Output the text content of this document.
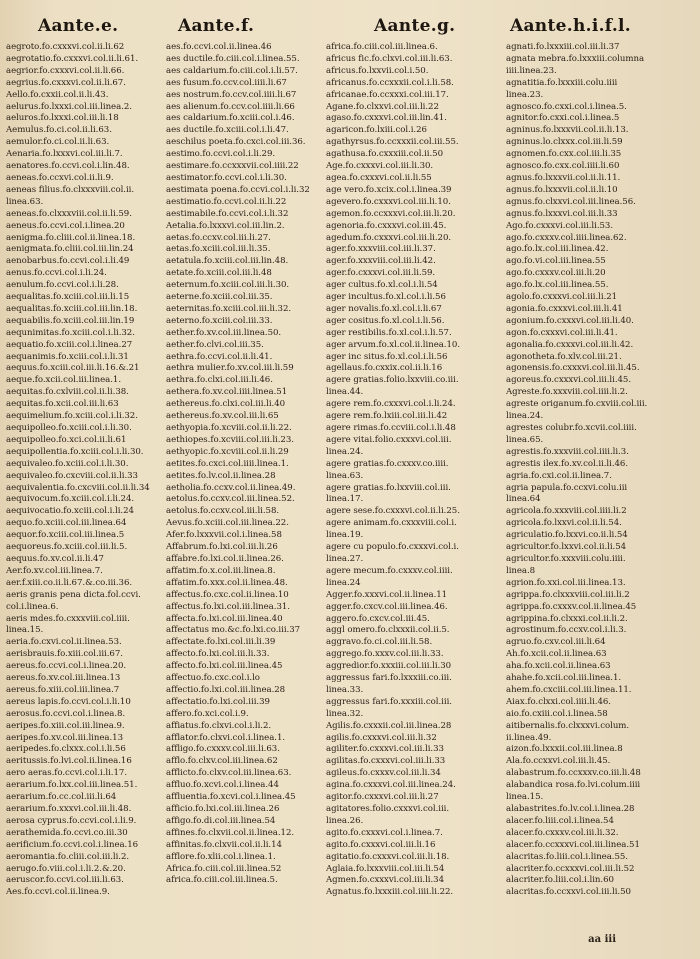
Aante.e.	Aante.f.	Aante.g.	Aante.h.i.f.l.
aegroto.fo.cxxxvi.col.ii.li.62
aegrotatio.fo.cxxxvi.col.ii.li.61.
aegrior.fo.cxxxvi.col.ii.li.66.
aegrius.fo.cxxxvi.col.ii.li.67.
Aello.fo.cxxii.col.ii.li.43.
aelurus.fo.lxxxi.col.iii.linea.2.
aeluros.fo.lxxxi.col.iii.li.18
Aemulus.fo.ci.col.ii.li.63.
aemulor.fo.ci.col.ii.li.63.
Aenaria.fo.lxxxvi.col.iii.li.7.
aenatores.fo.ccvi.col.i.lin.48.
aeneas.fo.ccxvi.col.ii.li.9.
aeneas filius.fo.clxxxviii.col.ii.
linea.63.
aeneas.fo.clxxxviii.col.ii.li.59.
aeneus.fo.ccvi.col.i.linea.20
aenigma.fo.cliii.col.ii.linea.18.
aenigmata.fo.cliii.col.iii.lin.24
aenobarbus.fo.ccvi.col.i.li.49
aenus.fo.ccvi.col.i.li.24.
aenulum.fo.ccvi.col.i.li.28.
aequalitas.fo.xciii.col.iii.li.15
aequalitas.fo.xciii.col.iii.lin.18.
aequabilis.fo.xciii.col.iii.lin.19
aequnimitas.fo.xciii.col.i.li.32.
aequatio.fo.xciii.col.i.linea.27
aequanimis.fo.xciii.col.i.li.31
aequus.fo.xciii.col.iii.li.16.&.21
aeque.fo.xcii.col.iii.linea.1.
aequitas.fo.cxlviii.col.ii.li.38.
aequitas.fo.xcii.col.iii.li.63
aequimelium.fo.xciii.col.i.li.32.
aequipolleo.fo.xciii.col.i.li.30.
aequipolleo.fo.xci.col.ii.li.61
aequipollentia.fo.xciii.col.i.li.30.
aequivaleo.fo.xciii.col.i.li.30.
aequivaleo.fo.cxcviii.col.ii.li.33
aequivalentia.fo.cxcviii.col.ii.li.34
aequivocum.fo.xciii.col.i.li.24.
aequivocatio.fo.xciii.col.i.li.24
aequo.fo.xciii.col.iii.linea.64
aequor.fo.xciii.col.iii.linea.5
aequoreus.fo.xciii.col.iii.li.5.
aequus.fo.xv.col.ii.li.47
Aer.fo.xv.col.iii.linea.7.
aer.f.xiii.co.ii.li.67.&.co.iii.36.
aeris granis pena dicta.fol.ccvi.
col.i.linea.6.
aeris mdes.fo.cxxxviii.col.iiii.
linea.15.
aeria.fo.cxvi.col.ii.linea.53.
aerisbrauis.fo.xiii.col.iii.67.
aereus.fo.ccvi.col.i.linea.20.
aereus.fo.xv.col.iii.linea.13
aereus.fo.xiii.col.iii.linea.7
aereus lapis.fo.ccvi.col.i.li.10
aerosus.fo.ccvi.col.i.linea.8.
aeripes.fo.xiii.col.iii.linea.9.
aeripes.fo.xv.col.iii.linea.13
aeripedes.fo.clxxx.col.i.li.56
aeritussis.fo.lvi.col.ii.linea.16
aero aeras.fo.ccvi.col.i.li.17.
aerarium.fo.lxx.col.iii.linea.51.
aerarium.fo.cc.col.iii.li.64
aerarium.fo.xxxvi.col.iii.li.48.
aerosa cyprus.fo.ccvi.col.i.li.9.
aerathemida.fo.ccvi.co.iii.30
aerificium.fo.ccvi.col.i.linea.16
aeromantia.fo.cliii.col.iii.li.2.
aerugo.fo.viii.col.i.li.2.&.20.
aeruscor.fo.ccvi.col.iii.li.63.
Aes.fo.ccvi.col.ii.linea.9.
aes.fo.ccvi.col.ii.linea.46
aes ductile.fo.ciii.col.i.linea.55.
aes caldarium.fo.ciii.col.i.li.57.
aes fusum.fo.ccv.col.iiii.li.67
aes nostrum.fo.ccv.col.iiii.li.67
aes alienum.fo.ccv.col.iiii.li.66
aes caldarium.fo.xciii.col.i.46.
aes ductile.fo.xciii.col.i.li.47.
aeschilus poeta.fo.cxci.col.iii.36.
aestimo.fo.ccvi.col.i.li.29.
aestimare.fo.ccxxxvii.col.iiii.22
aestimator.fo.ccvi.col.i.li.30.
aestimata poena.fo.ccvi.col.i.li.32
aestimatio.fo.ccvi.col.ii.li.22
aestimabile.fo.ccvi.col.i.li.32
Aetalia.fo.lxxxvi.col.iii.lin.2.
aetas.fo.ccxv.col.iii.li.27.
aetas.fo.xciii.col.iii.li.35.
aetatula.fo.xciii.col.iii.lin.48.
aetate.fo.xciii.col.iii.li.48
aeternum.fo.xciii.col.iii.li.30.
aeterne.fo.xciii.col.iii.35.
aeternitas.fo.xciii.col.iii.li.32.
aeterno.fo.xciii.col.iii.33.
aether.fo.xv.col.iii.linea.50.
aether.fo.clvi.col.iii.35.
aethra.fo.ccvi.col.ii.li.41.
aethra mulier.fo.xv.col.iii.li.59
aethra.fo.clxi.col.iii.li.46.
aethera.fo.xv.col.iiii.linea.51
aethereus.fo.clxi.col.iii.li.40
aethereus.fo.xv.col.iii.li.65
aethyopia.fo.xcviii.col.ii.li.22.
aethiopes.fo.xcviii.col.iii.li.23.
aethyopic.fo.xcviii.col.ii.li.29
aetites.fo.cxci.col.iiii.linea.1.
aetites.fo.lv.col.ii.linea.28
aetholia.fo.ccxv.col.ii.linea.49.
aetolus.fo.ccxv.col.iii.linea.52.
aetolus.fo.ccxv.col.iii.li.58.
Aevus.fo.xciii.col.iii.linea.22.
Afer.fo.lxxxvii.col.i.linea.58
Affabrum.fo.lxi.col.iii.li.26
affabre.fo.lxi.col.ii.linea.26.
affatim.fo.x.col.iii.linea.8.
affatim.fo.xxx.col.ii.linea.48.
affectus.fo.cxc.col.ii.linea.10
affectus.fo.lxi.col.iii.linea.31.
affecta.fo.lxi.col.iii.linea.40
affectatus mo.&c.fo.lxi.co.iii.37
affectate.fo.lxi.col.iii.li.39
affecto.fo.lxi.col.iii.li.33.
affecto.fo.lxi.col.iii.linea.45
affectuo.fo.cxc.col.i.lo
affectio.fo.lxi.col.iii.linea.28
affectatio.fo.lxi.col.iii.39
affero.fo.xci.col.i.9.
affiatus.fo.clxvi.col.i.li.2.
afflator.fo.clxvi.col.i.linea.1.
affligo.fo.cxxxv.col.iii.li.63.
afflo.fo.clxv.col.iii.linea.62
afflicto.fo.clxv.col.iii.linea.63.
affluo.fo.xcvi.col.i.linea.44
affluentia.fo.xcvi.col.i.linea.45
afficio.fo.lxi.col.iii.linea.26
affigo.fo.di.col.iii.linea.54
affines.fo.clxvii.col.ii.linea.12.
affinitas.fo.clxvii.col.ii.li.14
afflore.fo.xlii.col.i.linea.1.
Africa.fo.ciii.col.iii.linea.52
africa.fo.ciii.col.iii.linea.5.
africa.fo.ciii.col.iii.linea.6.
africus fic.fo.clxvi.col.iii.li.63.
africus.fo.lxxvii.col.i.50.
africanus.fo.ccxxxii.col.i.li.58.
africanae.fo.ccxxxi.col.iii.17.
Agane.fo.clxxvi.col.iii.li.22
agaso.fo.cxxxvi.col.iii.lin.41.
agaricon.fo.lxiii.col.i.26
agathyrsus.fo.ccxxxii.col.iii.55.
agathusa.fo.cxxxiii.col.ii.50
Age.fo.cxxxvi.col.iii.li.30.
agea.fo.cxxxvi.col.ii.li.55
age vero.fo.xcix.col.i.linea.39
agevero.fo.cxxxvi.col.iii.li.10.
agemon.fo.ccxxxvi.col.iii.li.20.
agenoria.fo.cxxxvi.col.iii.45.
agedum.fo.cxxxvi.col.iii.li.20.
ager.fo.xxxviii.col.iii.li.37.
ager.fo.xxxviii.col.iii.li.42.
ager.fo.cxxxvi.col.iii.li.59.
ager cultus.fo.xl.col.i.li.54
ager incultus.fo.xl.col.i.li.56
ager novalis.fo.xl.col.i.li.67
ager cositus.fo.xl.col.i.li.56.
ager restibilis.fo.xl.col.i.li.57.
ager arvum.fo.xl.col.ii.linea.10.
ager inc situs.fo.xl.col.i.li.56
agellaus.fo.cxxix.col.ii.li.16
agere gratias.folio.lxxviii.co.iii.
linea.44.
agere rem.fo.cxxxvi.col.i.li.24.
agere rem.fo.lxiii.col.iii.li.42
agere rimas.fo.ccviii.col.i.li.48
agere vitai.folio.cxxxvi.col.iii.
linea.24.
agere gratias.fo.cxxxv.co.iiii.
linea.63.
agere gratias.fo.lxxviii.col.iii.
linea.17.
agere sese.fo.cxxxvi.col.ii.li.25.
agere animam.fo.cxxxviii.col.i.
linea.19.
agere cu populo.fo.cxxxvi.col.i.
linea.27.
agere mecum.fo.cxxxv.col.iiii.
linea.24
Agger.fo.xxxvi.col.ii.linea.11
agger.fo.cxcv.col.iii.linea.46.
aggero.fo.cxcv.col.iii.45.
aggl omero.fo.clxxxii.col.ii.5.
aggravo.fo.ci.col.iii.li.58.
aggrego.fo.xxxv.col.iii.li.33.
aggredior.fo.xxxiii.col.iii.li.30
aggressus fari.fo.lxxxiii.co.iii.
linea.33.
aggressus fari.fo.xxxiii.col.iii.
linea.32.
Agilis.fo.cxxxii.col.iii.linea.28
agilis.fo.cxxxvi.col.iii.li.32
agiliter.fo.cxxxvi.col.iii.li.33
agilitas.fo.cxxxvi.col.iii.li.33
agileus.fo.cxxxv.col.iii.li.34
agina.fo.cxxxvi.col.iii.linea.24.
agitor.fo.cxxxvi.col.iii.li.27
agitatores.folio.cxxxvi.col.iii.
linea.26.
agito.fo.cxxxvi.col.i.linea.7.
agito.fo.cxxxvi.col.iii.li.16
agitatio.fo.cxxxvi.col.iii.li.18.
Aglaia.fo.lxxxviii.col.iii.li.54
Agmen.fo.cxxxvi.col.iii.li.34
Agnatus.fo.lxxxiii.col.iiii.li.22.
agnati.fo.lxxxiii.col.iii.li.37
agnata mebra.fo.lxxxiii.columna
iiii.linea.23.
agnatitia.fo.lxxxiii.colu.iiii
linea.23.
agnosco.fo.cxxi.col.i.linea.5.
agnitor.fo.cxxi.col.i.linea.5
agninus.fo.lxxxvii.col.ii.li.13.
agninus.lo.clxxx.col.iii.li.59
agnomen.fo.cxx.col.iii.li.35
agnosco.fo.cxx.col.iiii.li.60
agnus.fo.lxxxvii.col.ii.li.11.
agnus.fo.lxxxvii.col.ii.li.10
agnus.fo.clxxvi.col.iii.linea.56.
agnus.fo.lxxxvi.col.iii.li.33
Ago.fo.cxxxvi.col.iii.li.53.
ago.fo.cxxxv.col.iiii.linea.62.
ago.fo.lx.col.iii.linea.42.
ago.fo.vi.col.iii.linea.55
ago.fo.cxxxv.col.iii.li.20
ago.fo.lx.col.iii.linea.55.
agolo.fo.cxxxvi.col.iii.li.21
agonia.fo.cxxxvi.col.iii.li.41
agonium.fo.cxxxvi.col.iii.li.40.
agon.fo.cxxxvi.col.iii.li.41.
agonalia.fo.cxxxvi.col.iii.li.42.
agonotheta.fo.xlv.col.iii.21.
agonensis.fo.cxxxvi.col.iii.li.45.
agoreus.fo.cxxxvi.col.iii.li.45.
Agreste.fo.xxxviii.col.iiii.li.2.
agreste origanum.fo.cxviii.col.iii.
linea.24.
agrestes colubr.fo.xcvii.col.iiii.
linea.65.
agrestis.fo.xxxviii.col.iiii.li.3.
agrestis ilex.fo.xv.col.ii.li.46.
agria.fo.cxi.col.ii.linea.7.
agria papula.fo.ccxvi.colu.iii
linea.64
agricola.fo.xxxviii.col.iiii.li.2
agricola.fo.lxxvi.col.ii.li.54.
agriculatio.fo.lxxvi.co.ii.li.54
agricultor.fo.lxxvi.col.ii.li.54
agricultor.fo.xxxviii.colu.iiii.
linea.8
agrion.fo.xxi.col.iii.linea.13.
agrippa.fo.clxxxviii.col.iii.li.2
agrippa.fo.cxxxv.col.ii.linea.45
agrippina.fo.clxxxi.col.ii.li.2.
agrostinum.fo.ccxv.col.i.li.3.
agruo.fo.cxv.col.iii.li.64
Ah.fo.xcii.col.ii.linea.63
aha.fo.xcii.col.ii.linea.63
ahahe.fo.xcii.col.iii.linea.1.
ahem.fo.cxciii.col.iii.linea.11.
Aiax.fo.clxxi.col.iiii.li.46.
aio.fo.cxiii.col.i.linea.58
aitibernalis.fo.clxxxvi.colum.
ii.linea.49.
aizon.fo.lxxxii.col.iii.linea.8
Ala.fo.ccxxvi.col.iii.li.45.
alabastrum.fo.ccxxxv.co.iii.li.48
alabandica rosa.fo.lvi.colum.iiii
linea.15.
alabastrites.fo.lv.col.i.linea.28
alacer.fo.liii.col.i.linea.54
alacer.fo.cxxxv.col.iii.li.32.
alacer.fo.ccxxxvi.col.iii.linea.51
alacritas.fo.liii.col.i.linea.55.
alacriter.fo.ccxxxvi.col.iii.li.52
alacriter.fo.liii.col.i.lin.60
alacritas.fo.ccxxvi.col.iii.li.50
aa iii
